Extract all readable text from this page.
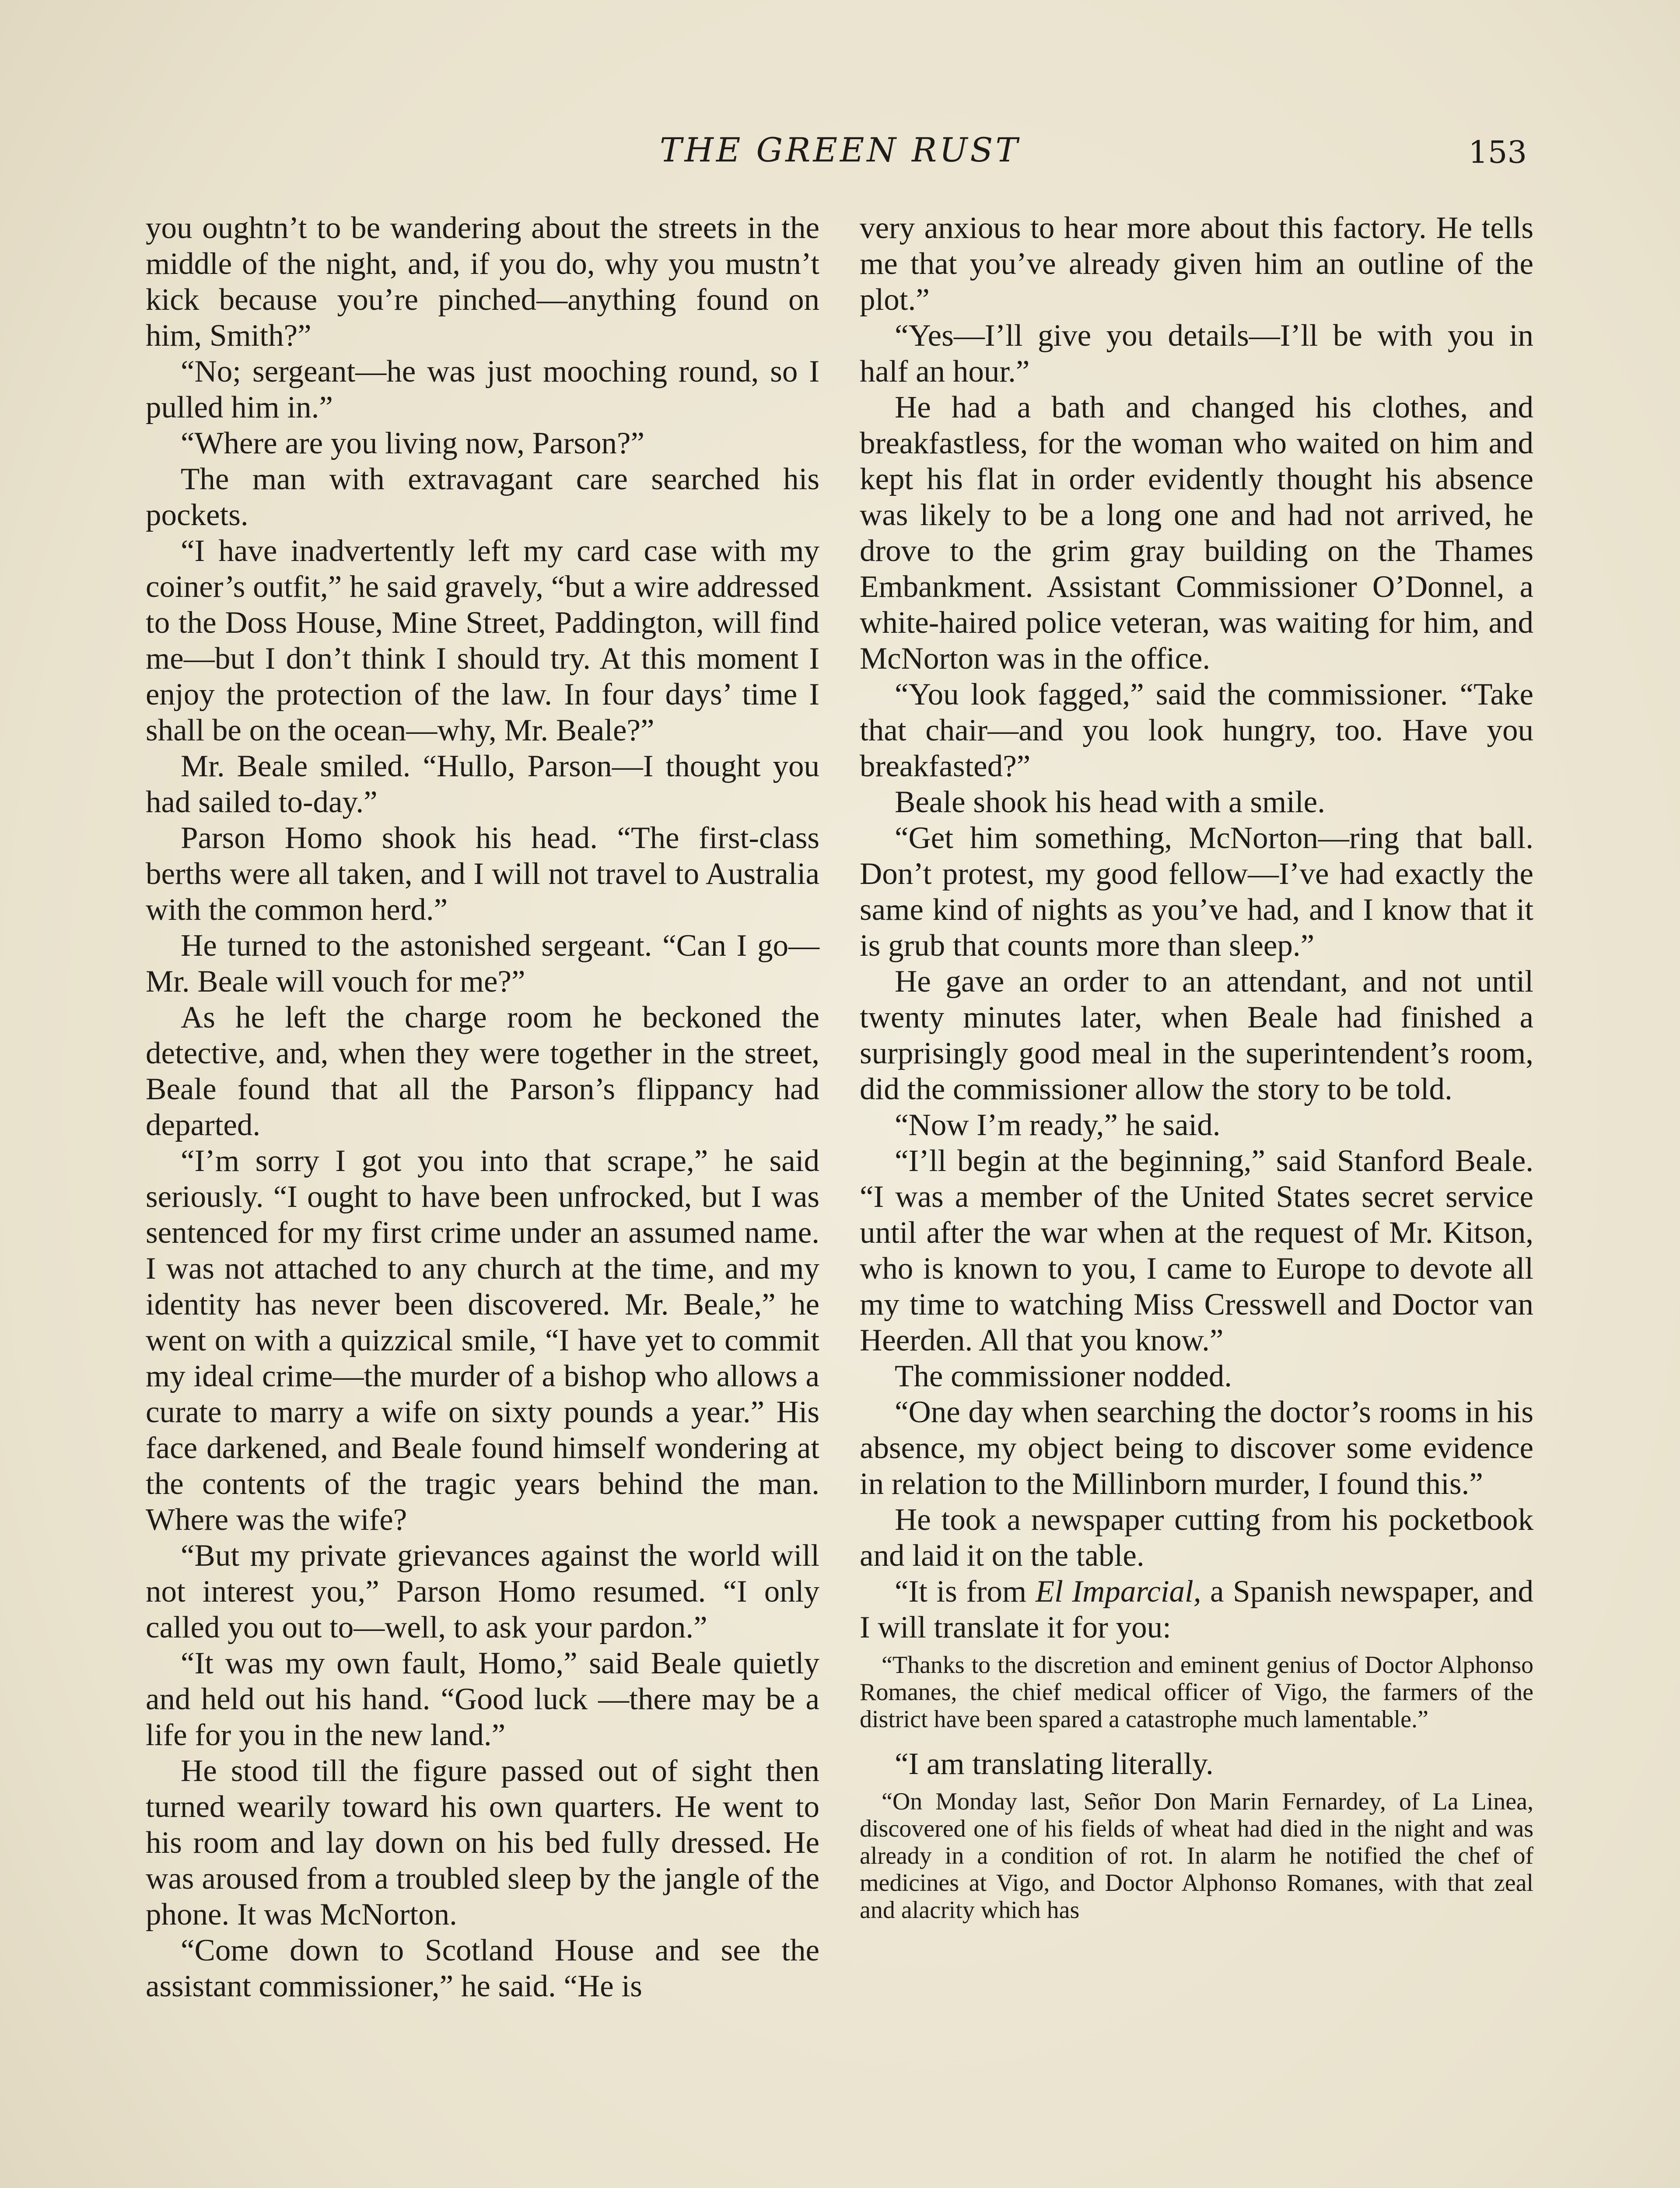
THE GREEN RUST	153

you oughtn’t to be wandering about the streets in the middle of the night, and, if you do, why you mustn’t kick because you’re pinched—anything found on him, Smith?”

“No; sergeant—he was just mooching round, so I pulled him in.”

“Where are you living now, Parson?”

The man with extravagant care searched his pockets.

“I have inadvertently left my card case with my coiner’s outfit,” he said gravely, “but a wire addressed to the Doss House, Mine Street, Paddington, will find me—but I don’t think I should try. At this moment I enjoy the protection of the law. In four days’ time I shall be on the ocean—why, Mr. Beale?”

Mr. Beale smiled. “Hullo, Parson—I thought you had sailed to-day.”

Parson Homo shook his head. “The first-class berths were all taken, and I will not travel to Australia with the common herd.”

He turned to the astonished sergeant. “Can I go—Mr. Beale will vouch for me?”

As he left the charge room he beckoned the detective, and, when they were together in the street, Beale found that all the Parson’s flippancy had departed.

“I’m sorry I got you into that scrape,” he said seriously. “I ought to have been unfrocked, but I was sentenced for my first crime under an assumed name. I was not attached to any church at the time, and my identity has never been discovered. Mr. Beale,” he went on with a quizzical smile, “I have yet to commit my ideal crime—the murder of a bishop who allows a curate to marry a wife on sixty pounds a year.” His face darkened, and Beale found himself wondering at the contents of the tragic years behind the man. Where was the wife?

“But my private grievances against the world will not interest you,” Parson Homo resumed. “I only called you out to—well, to ask your pardon.”

“It was my own fault, Homo,” said Beale quietly and held out his hand. “Good luck —there may be a life for you in the new land.”

He stood till the figure passed out of sight then turned wearily toward his own quarters. He went to his room and lay down on his bed fully dressed. He was aroused from a troubled sleep by the jangle of the phone. It was McNorton.

“Come down to Scotland House and see the assistant commissioner,” he said. “He is

very anxious to hear more about this factory. He tells me that you’ve already given him an outline of the plot.”

“Yes—I’ll give you details—I’ll be with you in half an hour.”

He had a bath and changed his clothes, and breakfastless, for the woman who waited on him and kept his flat in order evidently thought his absence was likely to be a long one and had not arrived, he drove to the grim gray building on the Thames Embankment. Assistant Commissioner O’Donnel, a white-haired police veteran, was waiting for him, and McNorton was in the office.

“You look fagged,” said the commissioner. “Take that chair—and you look hungry, too. Have you breakfasted?”

Beale shook his head with a smile.

“Get him something, McNorton—ring that ball. Don’t protest, my good fellow—I’ve had exactly the same kind of nights as you’ve had, and I know that it is grub that counts more than sleep.”

He gave an order to an attendant, and not until twenty minutes later, when Beale had finished a surprisingly good meal in the superintendent’s room, did the commissioner allow the story to be told.

“Now I’m ready,” he said.

“I’ll begin at the beginning,” said Stanford Beale. “I was a member of the United States secret service until after the war when at the request of Mr. Kitson, who is known to you, I came to Europe to devote all my time to watching Miss Cresswell and Doctor van Heerden. All that you know.”

The commissioner nodded.

“One day when searching the doctor’s rooms in his absence, my object being to discover some evidence in relation to the Millinborn murder, I found this.”

He took a newspaper cutting from his pocketbook and laid it on the table.

“It is from El Imparcial, a Spanish newspaper, and I will translate it for you:

“Thanks to the discretion and eminent genius of Doctor Alphonso Romanes, the chief medical officer of Vigo, the farmers of the district have been spared a catastrophe much lamentable.”

“I am translating literally.

“On Monday last, Señor Don Marin Fernardey, of La Linea, discovered one of his fields of wheat had died in the night and was already in a condition of rot. In alarm he notified the chef of medicines at Vigo, and Doctor Alphonso Romanes, with that zeal and alacrity which has
